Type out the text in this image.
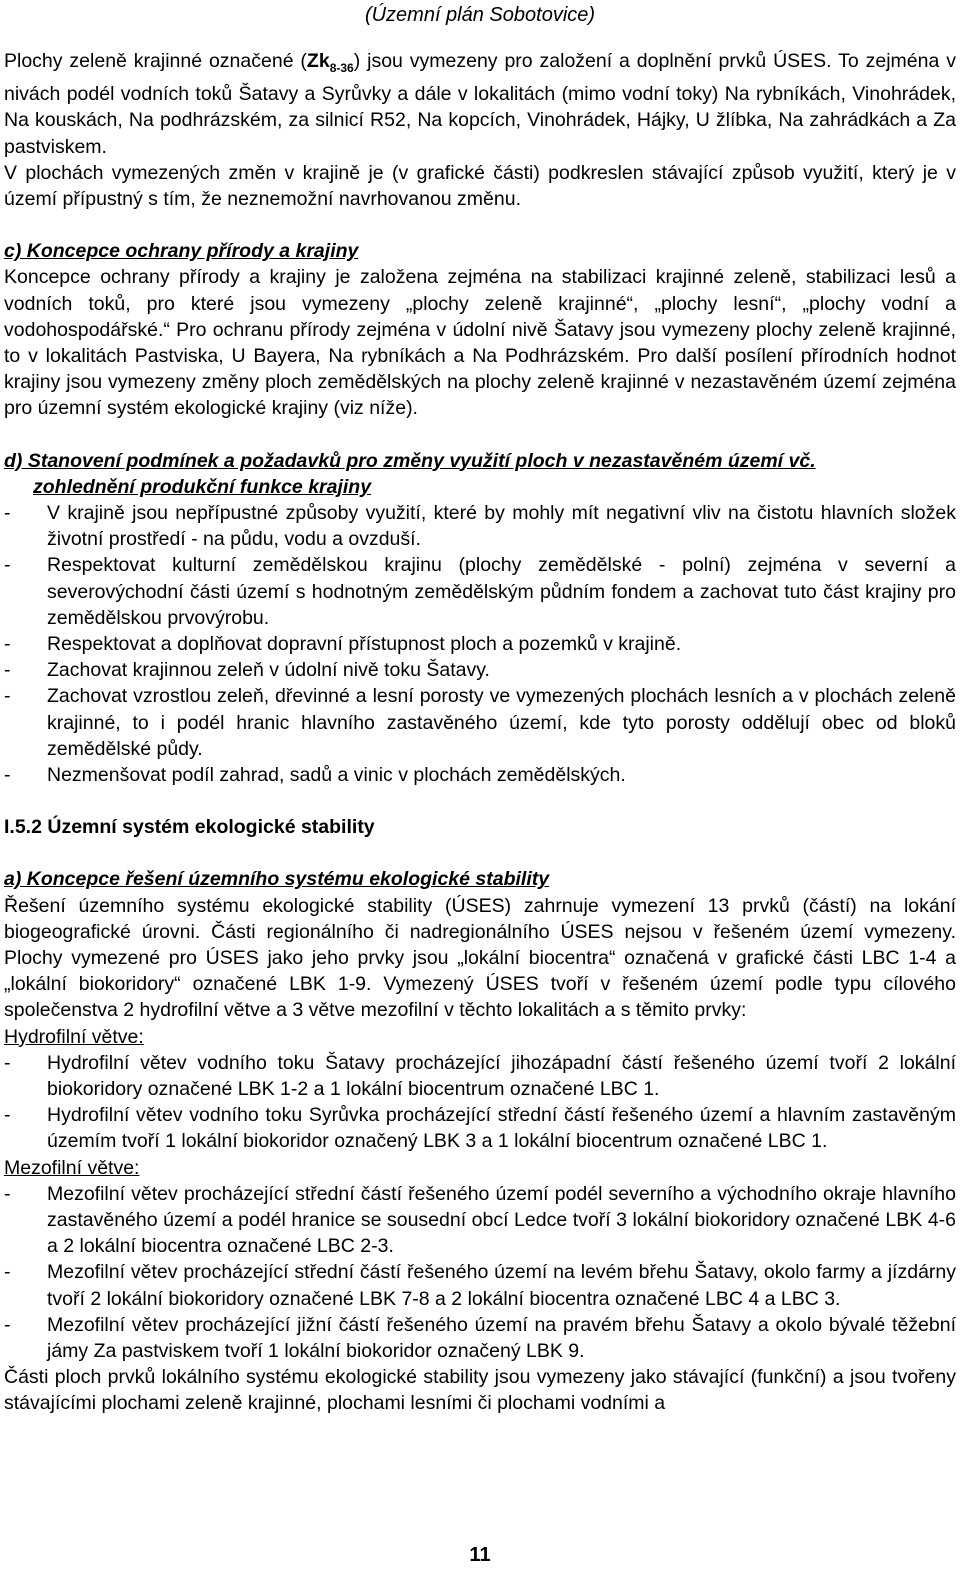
(Územní plán Sobotovice)

Plochy zeleně krajinné označené $(Zk_{8-36})$ jsou vymezeny pro založení a doplnění prvků ÚSES. To zejména v nivách podél vodních toků Šatavy a Syrůvky a dále v lokalitách (mimo vodní toky) Na rybníkách, Vinohrádek, Na kouskách, Na podhrázském, za silnicí R52, Na kopcích, Vinohrádek, Hájky, U žlíbka, Na zahrádkách a Za pastviskem.

V plochách vymezených změn v krajině je (v grafické části) podkreslen stávající způsob využití, který je v území přípustný s tím, že neznemožní navrhovanou změnu.

c) Koncepce ochrany přírody a krajiny

Koncepce ochrany přírody a krajiny je založena zejména na stabilizaci krajinné zeleně, stabilizaci lesů a vodních toků, pro které jsou vymezeny „plochy zeleně krajinné“, „plochy lesní“, „plochy vodní a vodohospodářské.“ Pro ochranu přírody zejména v údolní nivě Šatavy jsou vymezeny plochy zeleně krajinné, to v lokalitách Pastviska, U Bayera, Na rybníkách a Na Podhrázském. Pro další posílení přírodních hodnot krajiny jsou vymezeny změny ploch zemědělských na plochy zeleně krajinné v nezastavěném území zejména pro územní systém ekologické krajiny (viz níže).

d) Stanovení podmínek a požadavků pro změny využití ploch v nezastavěném území vč.

zohlednění produkční funkce krajiny

- V krajině jsou nepřípustné způsoby využití, které by mohly mít negativní vliv na čistotu hlavních složek životní prostředí - na půdu, vodu a ovzduší.
- Respektovat kulturní zemědělskou krajinu (plochy zemědělské - polní) zejména v severní a severovýchodní části území s hodnotným zemědělským půdním fondem a zachovat tuto část krajiny pro zemědělskou prvovýrobu.
- Respektovat a doplňovat dopravní přístupnost ploch a pozemků v krajině.
- Zachovat krajinnou zeleň v údolní nivě toku Šatavy.
- Zachovat vzrostlou zeleň, dřevinné a lesní porosty ve vymezených plochách lesních a v plochách zeleně krajinné, to i podél hranic hlavního zastavěného území, kde tyto porosty oddělují obec od bloků zemědělské půdy.
- Nezmenšovat podíl zahrad, sadů a vinic v plochách zemědělských.

I.5.2 Územní systém ekologické stability

a) Koncepce řešení územního systému ekologické stability

Řešení územního systému ekologické stability (ÚSES) zahrnuje vymezení 13 prvků (částí) na lokání biogeografické úrovni. Části regionálního či nadregionálního ÚSES nejsou v řešeném území vymezeny. Plochy vymezené pro ÚSES jako jeho prvky jsou „lokální biocentra“ označená v grafické části LBC 1-4 a „lokální biokoridory“ označené LBK 1-9. Vymezený ÚSES tvoří v řešeném území podle typu cílového společenstva 2 hydrofilní větve a 3 větve mezofilní v těchto lokalitách a s těmito prvky:

Hydrofilní větve:

- Hydrofilní větev vodního toku Šatavy procházející jihozápadní částí řešeného území tvoří 2 lokální biokoridory označené LBK 1-2 a 1 lokální biocentrum označené LBC 1.
- Hydrofilní větev vodního toku Syrůvka procházející střední částí řešeného území a hlavním zastavěným územím tvoří 1 lokální biokoridor označený LBK 3 a 1 lokální biocentrum označené LBC 1.

Mezofilní větve:

- Mezofilní větev procházející střední částí řešeného území podél severního a východního okraje hlavního zastavěného území a podél hranice se sousední obcí Ledce tvoří 3 lokální biokoridory označené LBK 4-6 a 2 lokální biocentra označené LBC 2-3.
- Mezofilní větev procházející střední částí řešeného území na levém břehu Šatavy, okolo farmy a jízdárny tvoří 2 lokální biokoridory označené LBK 7-8 a 2 lokální biocentra označené LBC 4 a LBC 3.
- Mezofilní větev procházející jižní částí řešeného území na pravém břehu Šatavy a okolo bývalé těžební jámy Za pastviskem tvoří 1 lokální biokoridor označený LBK 9.

Části ploch prvků lokálního systému ekologické stability jsou vymezeny jako stávající (funkční) a jsou tvořeny stávajícími plochami zeleně krajinné, plochami lesními či plochami vodními a

11
